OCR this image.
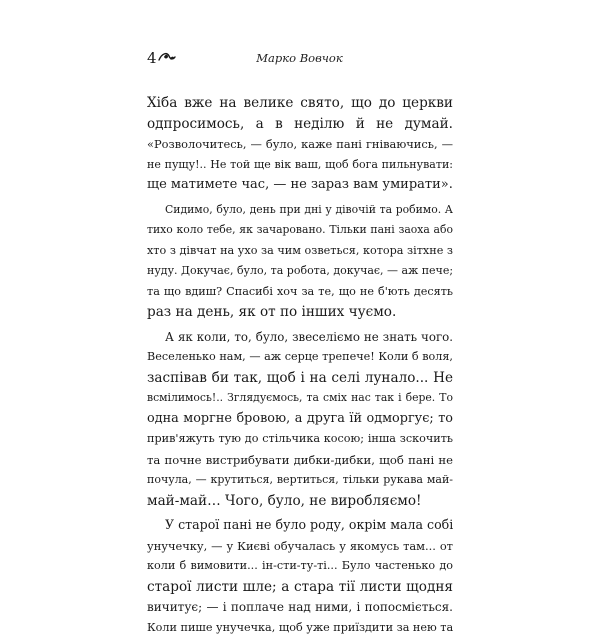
4	Марко Вовчок

Хіба вже на велике свято, що до церкви

одпросимось, а в неділю й не думай.

«Розволочитесь, — було, каже пані гніваючись, —

не пущу!.. Не той ще вік ваш, щоб бога пильнувати:

ще матимете час, — не зараз вам умирати».

Сидимо, було, день при дні у дівочій та робимо. А

тихо коло тебе, як зачаровано. Тільки пані заоха або

хто з дівчат на ухо за чим озветься, котора зітхне з

нуду. Докучає, було, та робота, докучає, — аж пече;

та що вдиш? Спасибі хоч за те, що не б'ють десять

раз на день, як от по інших чуємо.

А як коли, то, було, звеселіємо не знать чого.

Веселенько нам, — аж серце трепече! Коли б воля,

заспівав би так, щоб і на селі лунало... Не

всмілимось!.. Зглядуємось, та сміх нас так і бере. То

одна моргне бровою, а друга їй одморгує; то

прив'яжуть тую до стільчика косою; інша зскочить

та почне вистрибувати дибки-дибки, щоб пані не

почула, — крутиться, вертиться, тільки рукава май-

май-май… Чого, було, не виробляємо!

У старої пані не було роду, окрім мала собі

унучечку, — у Києві обучалась у якомусь там... от

коли б вимовити... ін-сти-ту-ті... Було частенько до

старої листи шле; а стара тії листи щодня

вичитує; — і поплаче над ними, і попосміється.

Коли пише унучечка, щоб уже приїздити за нею та
